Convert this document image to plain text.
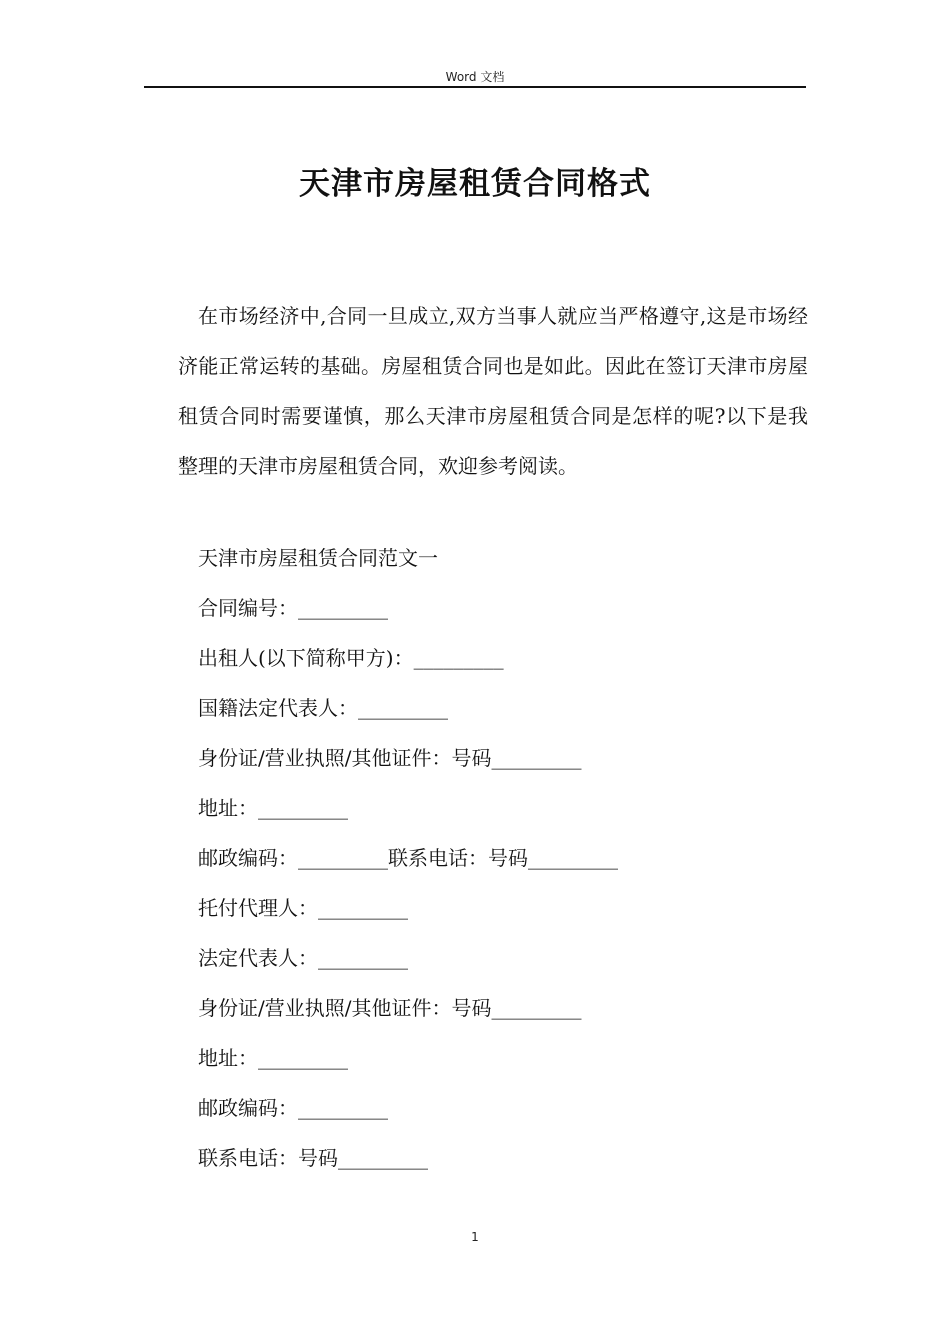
Word 文档
天津市房屋租赁合同格式

在市场经济中,合同一旦成立,双方当事人就应当严格遵守,这是市场经济能正常运转的基础。房屋租赁合同也是如此。因此在签订天津市房屋租赁合同时需要谨慎，那么天津市房屋租赁合同是怎样的呢?以下是我整理的天津市房屋租赁合同，欢迎参考阅读。

天津市房屋租赁合同范文一
合同编号：_________
出租人(以下简称甲方)：_________
国籍法定代表人：_________
身份证/营业执照/其他证件：号码_________
地址：_________
邮政编码：_________联系电话：号码_________
托付代理人：_________
法定代表人：_________
身份证/营业执照/其他证件：号码_________
地址：_________
邮政编码：_________
联系电话：号码_________
1
